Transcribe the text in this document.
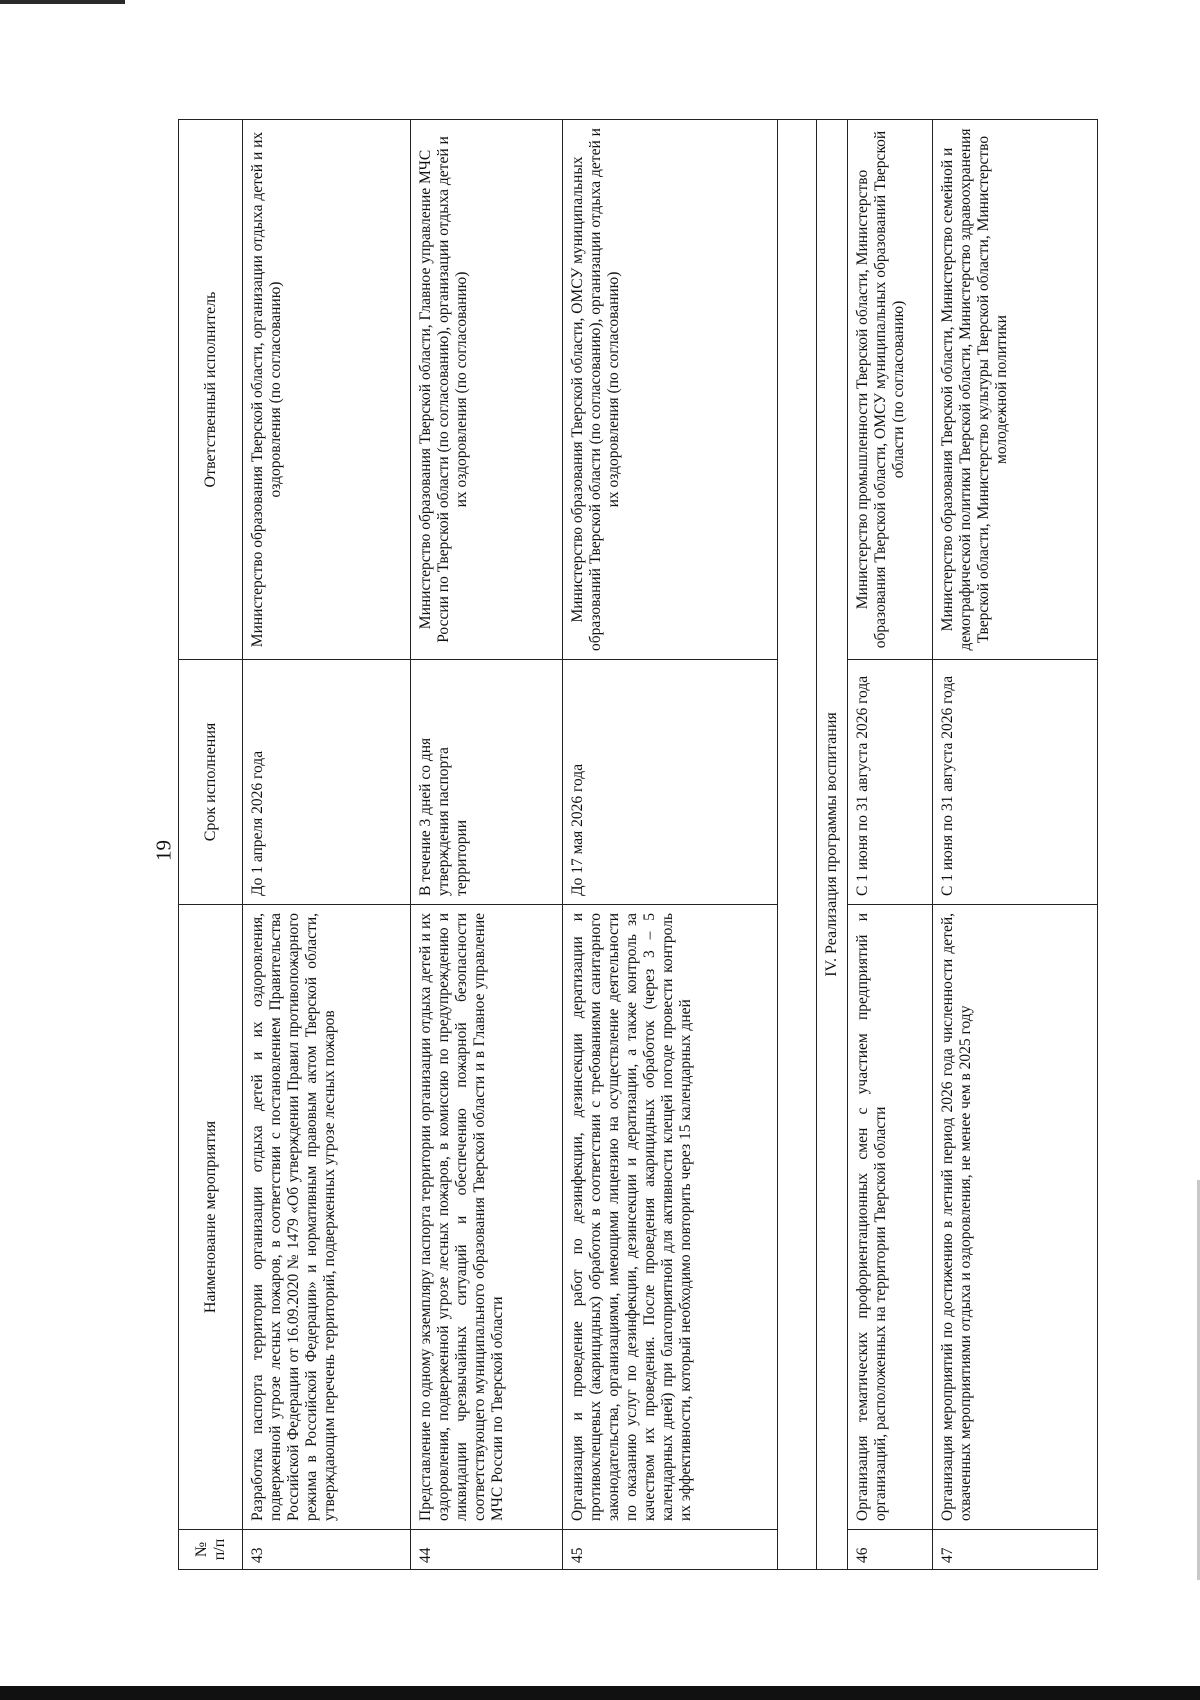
19
№ п/п	Наименование мероприятия	Срок исполнения	Ответственный исполнитель
43	Разработка паспорта территории организации отдыха детей и их оздоровления, подверженной угрозе лесных пожаров, в соответствии с постановлением Правительства Российской Федерации от 16.09.2020 № 1479 «Об утверждении Правил противопожарного режима в Российской Федерации» и нормативным правовым актом Тверской области, утверждающим перечень территорий, подверженных угрозе лесных пожаров	До 1 апреля 2026 года	Министерство образования Тверской области, организации отдыха детей и их оздоровления (по согласованию)
44	Представление по одному экземпляру паспорта территории организации отдыха детей и их оздоровления, подверженной угрозе лесных пожаров, в комиссию по предупреждению и ликвидации чрезвычайных ситуаций и обеспечению пожарной безопасности соответствующего муниципального образования Тверской области и в Главное управление МЧС России по Тверской области	В течение 3 дней со дня утверждения паспорта территории	Министерство образования Тверской области, Главное управление МЧС России по Тверской области (по согласованию), организации отдыха детей и их оздоровления (по согласованию)
45	Организация и проведение работ по дезинфекции, дезинсекции дератизации и противоклещевых (акарицидных) обработок в соответствии с требованиями санитарного законодательства, организациями, имеющими лицензию на осуществление деятельности по оказанию услуг по дезинфекции, дезинсекции и дератизации, а также контроль за качеством их проведения. После проведения акарицидных обработок (через 3 – 5 календарных дней) при благоприятной для активности клещей погоде провести контроль их эффективности, который необходимо повторить через 15 календарных дней	До 17 мая 2026 года	Министерство образования Тверской области, ОМСУ муниципальных образований Тверской области (по согласованию), организации отдыха детей и их оздоровления (по согласованию)

IV. Реализация программы воспитания			
46	Организация тематических профориентационных смен с участием предприятий и организаций, расположенных на территории Тверской области	С 1 июня по 31 августа 2026 года	Министерство промышленности Тверской области, Министерство образования Тверской области, ОМСУ муниципальных образований Тверской области (по согласованию)
47	Организация мероприятий по достижению в летний период 2026 года численности детей, охваченных мероприятиями отдыха и оздоровления, не менее чем в 2025 году	С 1 июня по 31 августа 2026 года	Министерство образования Тверской области, Министерство семейной и демографической политики Тверской области, Министерство здравоохранения Тверской области, Министерство культуры Тверской области, Министерство молодежной политики
